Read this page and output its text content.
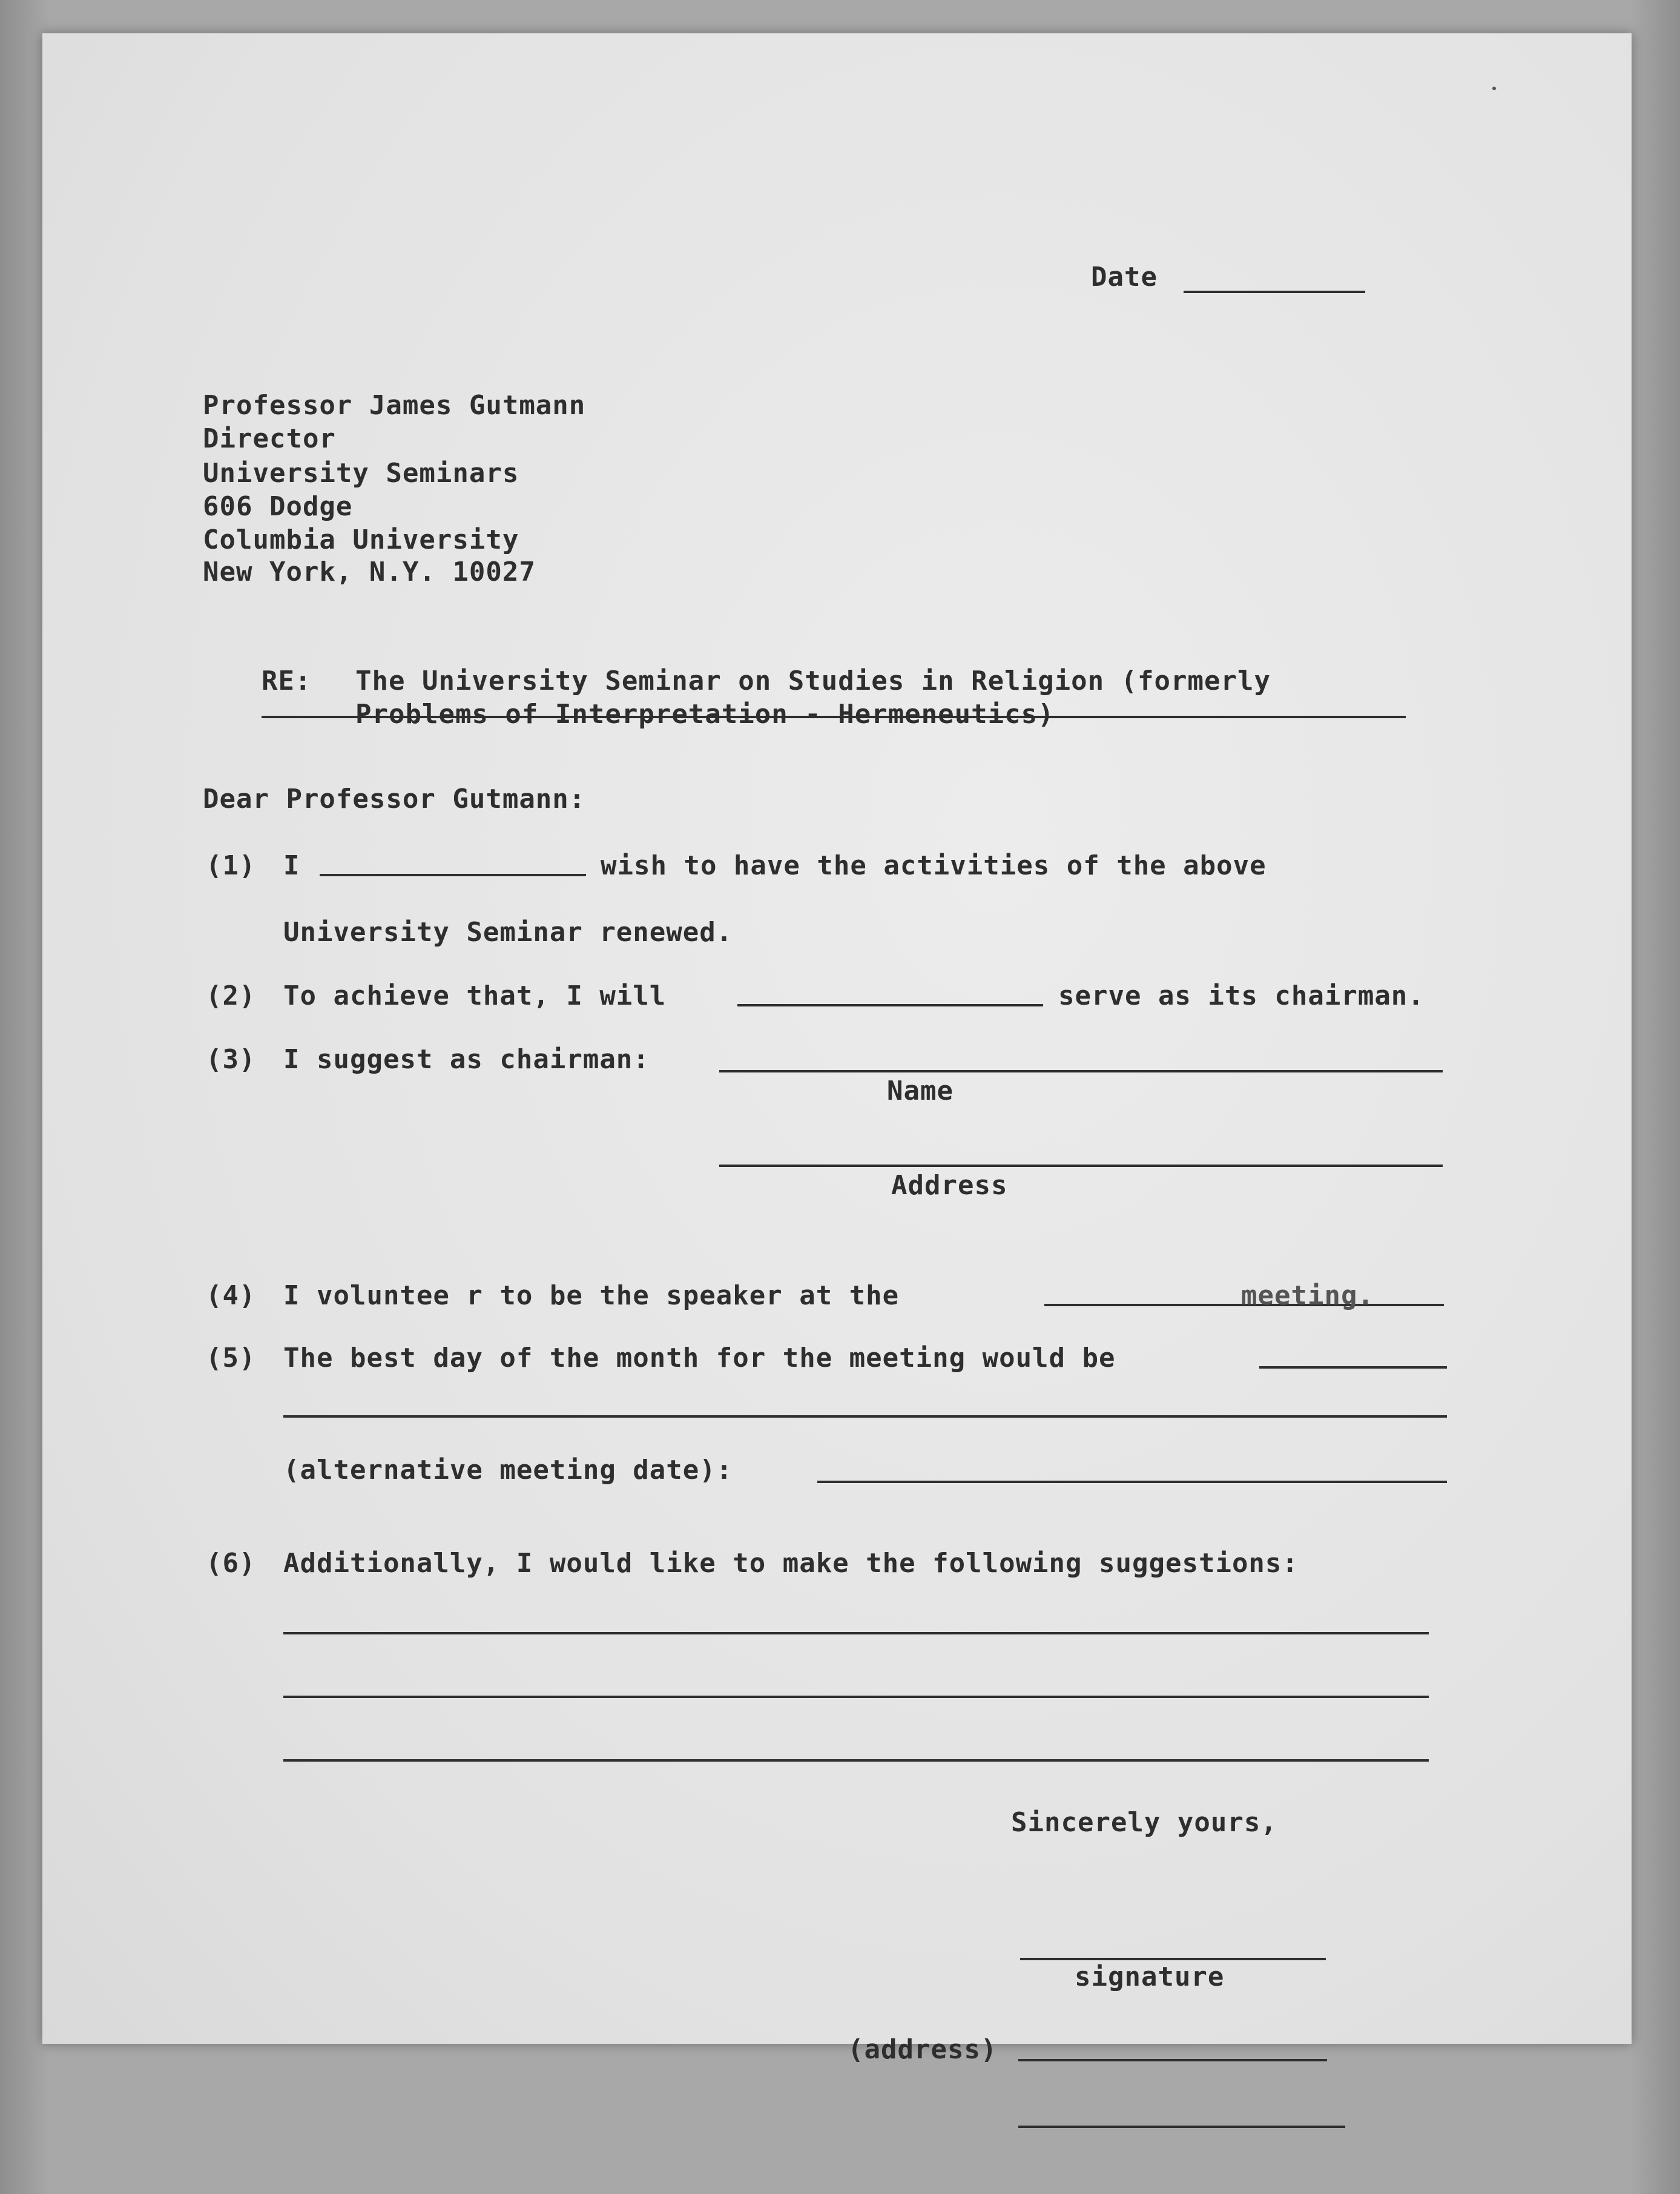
Date

Professor James Gutmann

Director

University Seminars

606 Dodge

Columbia University

New York, N.Y. 10027

RE: The University Seminar on Studies in Religion (formerly

Problems of Interpretation - Hermeneutics)

Dear Professor Gutmann:

(1) I	wish to have the activities of the above

University Seminar renewed.

(2) To achieve that, I will	serve as its chairman.

(3) I suggest as chairman:

Name

Address

(4) I voluntee r to be the speaker at the	meeting.

(5) The best day of the month for the meeting would be

(alternative meeting date):

(6) Additionally, I would like to make the following suggestions:

Sincerely yours,

signature

(address)
